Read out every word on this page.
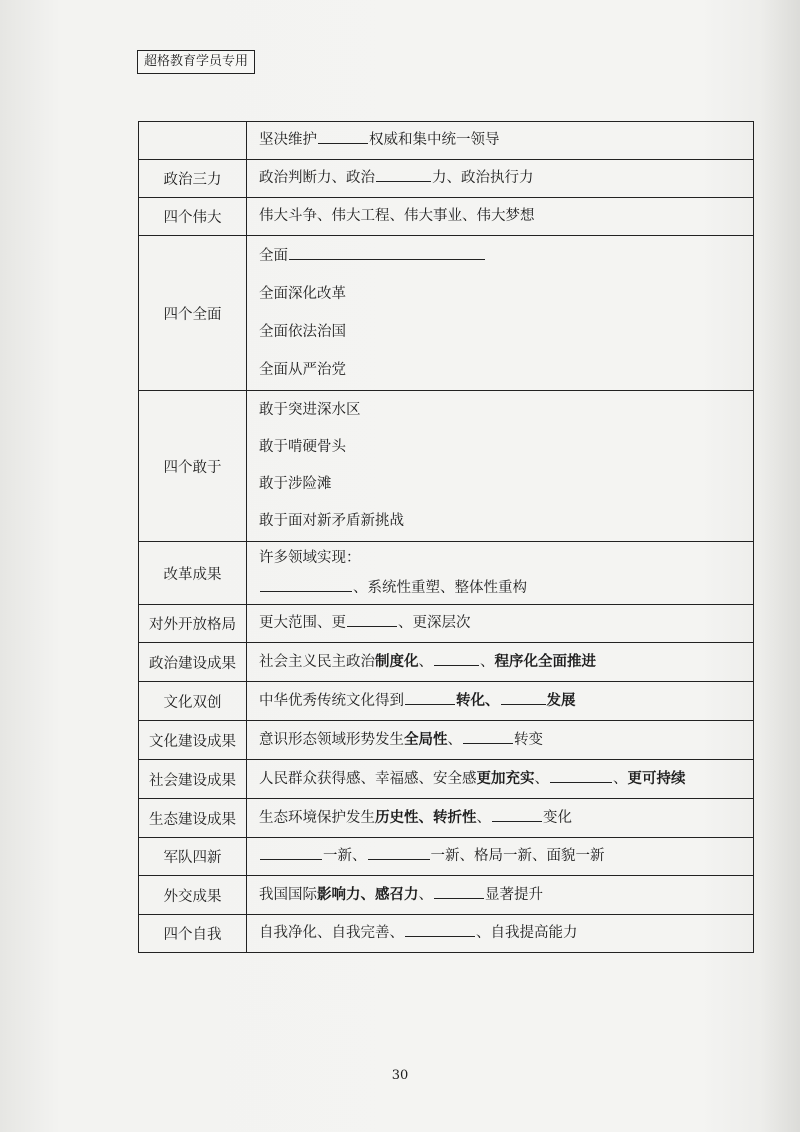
超格教育学员专用

	坚决维护 权威和集中统一领导

政治三力	政治判断力、政治 力、政治执行力

四个伟大	伟大斗争、伟大工程、伟大事业、伟大梦想

四个全面	全面
全面深化改革
全面依法治国
全面从严治党

四个敢于	敢于突进深水区
敢于啃硬骨头
敢于涉险滩
敢于面对新矛盾新挑战

改革成果	许多领域实现：
、系统性重塑、整体性重构

对外开放格局	更大范围、更 、更深层次

政治建设成果	社会主义民主政治制度化、 、程序化全面推进

文化双创	中华优秀传统文化得到 转化、 发展

文化建设成果	意识形态领域形势发生全局性、 转变

社会建设成果	人民群众获得感、幸福感、安全感更加充实、 、更可持续

生态建设成果	生态环境保护发生历史性、转折性、 变化

军队四新	一新、 一新、格局一新、面貌一新

外交成果	我国国际影响力、感召力、 显著提升

四个自我	自我净化、自我完善、 、自我提高能力
30
